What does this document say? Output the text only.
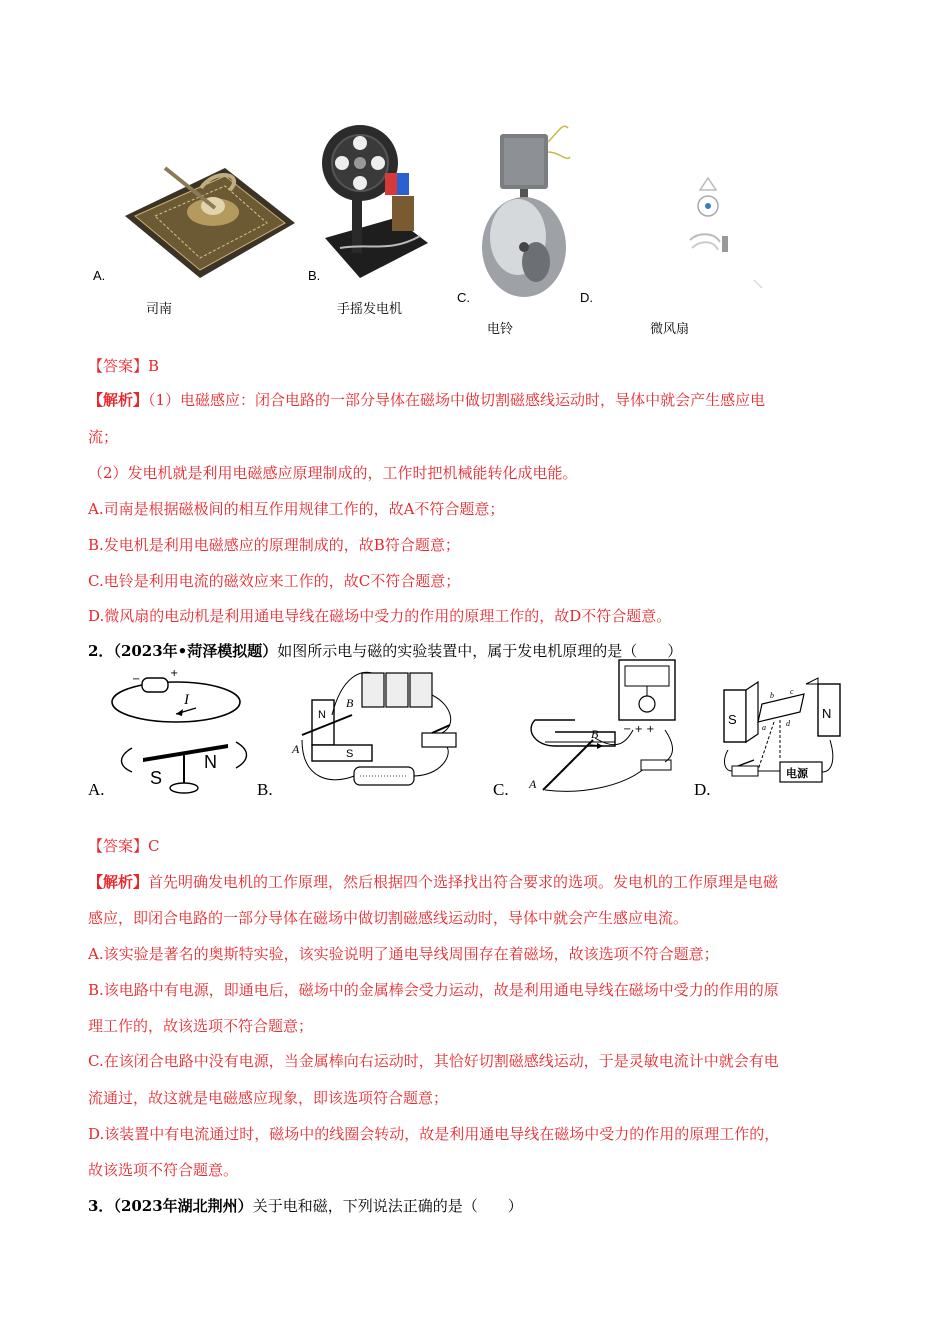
A.
司南
B.
手摇发电机
C.
电铃
D.
微风扇
【答案】B
【解析】（1）电磁感应：闭合电路的一部分导体在磁场中做切割磁感线运动时，导体中就会产生感应电
流；
（2）发电机就是利用电磁感应原理制成的，工作时把机械能转化成电能。
A.司南是根据磁极间的相互作用规律工作的，故A不符合题意；
B.发电机是利用电磁感应的原理制成的，故B符合题意；
C.电铃是利用电流的磁效应来工作的，故C不符合题意；
D.微风扇的电动机是利用通电导线在磁场中受力的作用的原理工作的，故D不符合题意。
2．（2023年•菏泽模拟题）如图所示电与磁的实验装置中，属于发电机原理的是（　　）
−
+
I
S
N
A.
N
S
A
B
B.
− + +
A
B
C.
S	N
b c
a	d
电源
D.
【答案】C
【解析】首先明确发电机的工作原理，然后根据四个选择找出符合要求的选项。发电机的工作原理是电磁
感应，即闭合电路的一部分导体在磁场中做切割磁感线运动时，导体中就会产生感应电流。
A.该实验是著名的奥斯特实验，该实验说明了通电导线周围存在着磁场，故该选项不符合题意；
B.该电路中有电源，即通电后，磁场中的金属棒会受力运动，故是利用通电导线在磁场中受力的作用的原
理工作的，故该选项不符合题意；
C.在该闭合电路中没有电源，当金属棒向右运动时，其恰好切割磁感线运动，于是灵敏电流计中就会有电
流通过，故这就是电磁感应现象，即该选项符合题意；
D.该装置中有电流通过时，磁场中的线圈会转动，故是利用通电导线在磁场中受力的作用的原理工作的，
故该选项不符合题意。
3．（2023年湖北荆州）关于电和磁，下列说法正确的是（　　）
